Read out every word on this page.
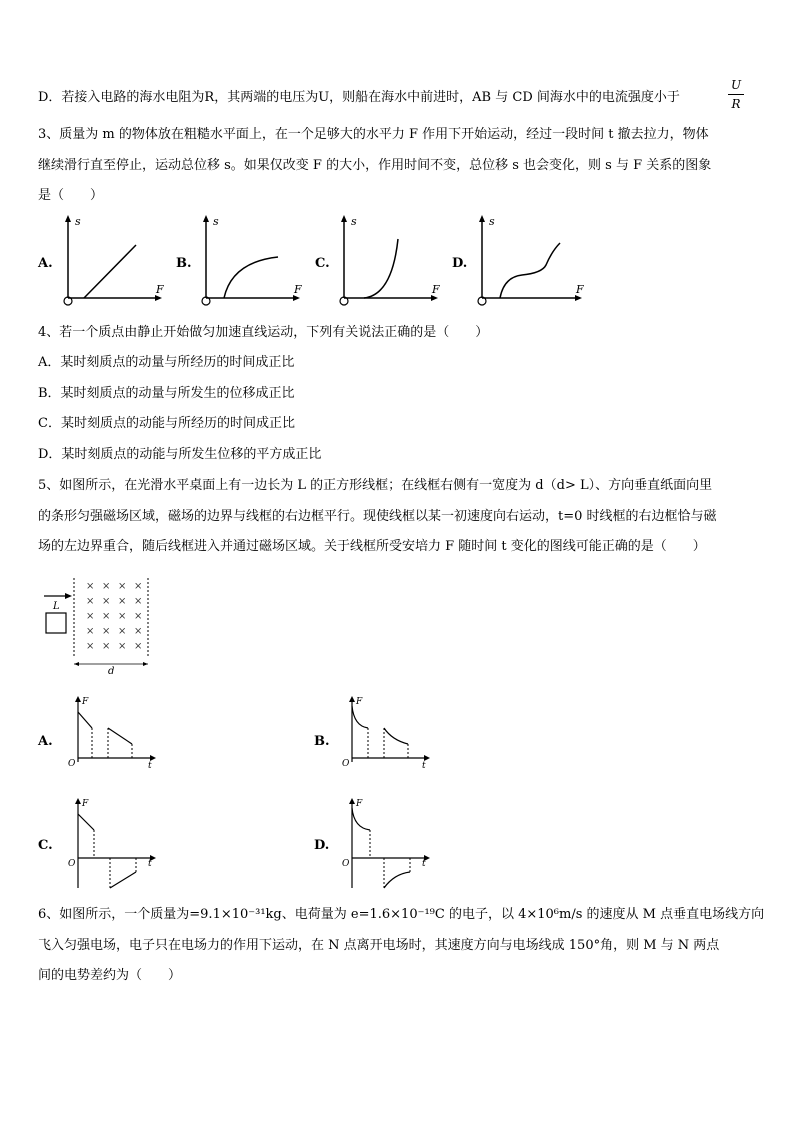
D．若接入电路的海水电阻为R，其两端的电压为U，则船在海水中前进时，AB 与 CD 间海水中的电流强度小于
U
R
3、质量为 m 的物体放在粗糙水平面上，在一个足够大的水平力 F 作用下开始运动，经过一段时间 t 撤去拉力，物体
继续滑行直至停止，运动总位移 s。如果仅改变 F 的大小，作用时间不变，总位移 s 也会变化，则 s 与 F 关系的图象
是（　　）
A.	B.	C.	D.
s
F
s
F
s
F
s
F
4、若一个质点由静止开始做匀加速直线运动，下列有关说法正确的是（　　）
A．某时刻质点的动量与所经历的时间成正比
B．某时刻质点的动量与所发生的位移成正比
C．某时刻质点的动能与所经历的时间成正比
D．某时刻质点的动能与所发生位移的平方成正比
5、如图所示，在光滑水平桌面上有一边长为 L 的正方形线框；在线框右侧有一宽度为 d（d> L）、方向垂直纸面向里
的条形匀强磁场区域，磁场的边界与线框的右边框平行。现使线框以某一初速度向右运动，t=0 时线框的右边框恰与磁
场的左边界重合，随后线框进入并通过磁场区域。关于线框所受安培力 F 随时间 t 变化的图线可能正确的是（　　）
L
× × × ×
× × × ×
× × × ×
× × × ×
× × × ×
d
A.	B.
C.	D.
F
t
O
F
t
O
F
t
O
F
t
O
6、如图所示，一个质量为=9.1×10⁻³¹kg、电荷量为 e=1.6×10⁻¹⁹C 的电子，以 4×10⁶m/s 的速度从 M 点垂直电场线方向
飞入匀强电场，电子只在电场力的作用下运动，在 N 点离开电场时，其速度方向与电场线成 150°角，则 M 与 N 两点
间的电势差约为（　　）
